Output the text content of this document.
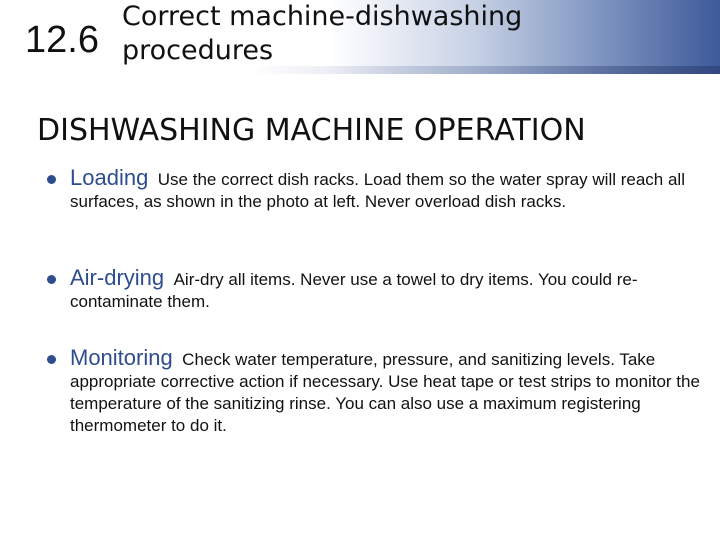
12.6
Correct machine-dishwashing
procedures
DISHWASHING MACHINE OPERATION
Loading Use the correct dish racks. Load them so the water spray will reach all surfaces, as shown in the photo at left. Never overload dish racks.
Air-drying Air-dry all items. Never use a towel to dry items. You could re-contaminate them.
Monitoring Check water temperature, pressure, and sanitizing levels. Take appropriate corrective action if necessary. Use heat tape or test strips to monitor the temperature of the sanitizing rinse. You can also use a maximum registering thermometer to do it.
